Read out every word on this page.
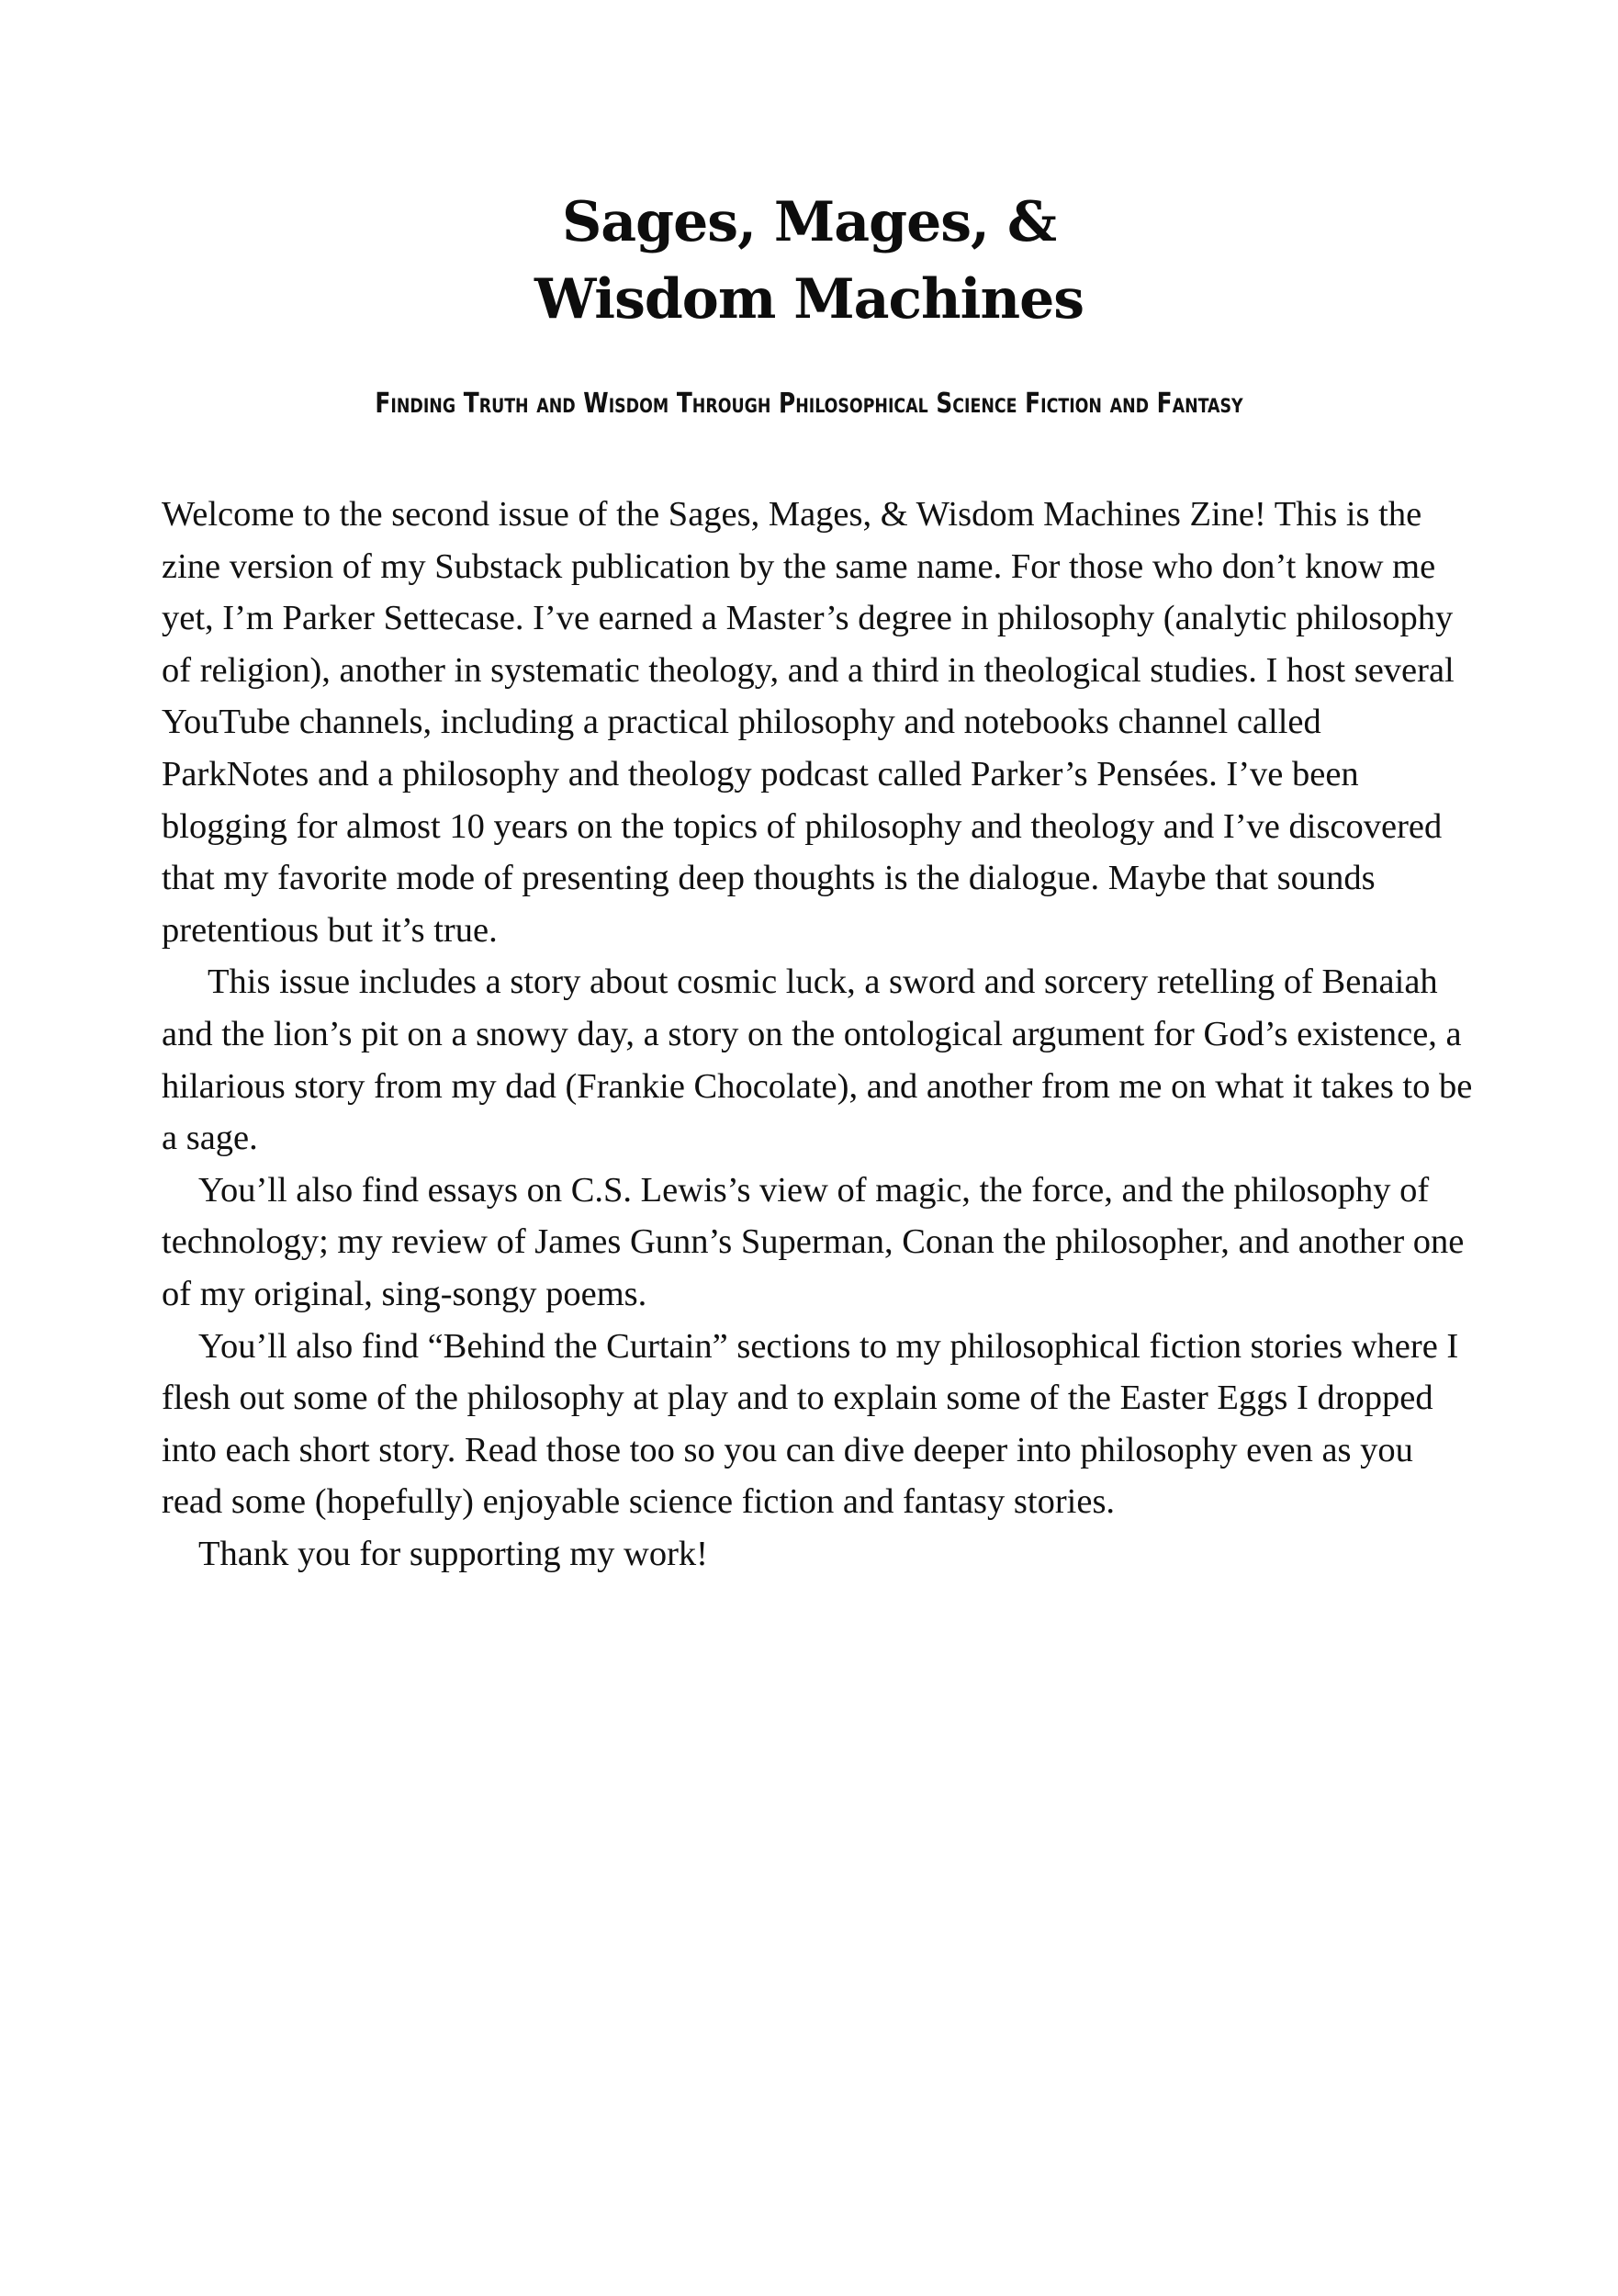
Sages, Mages, &
Wisdom Machines
Finding Truth and Wisdom Through Philosophical Science Fiction and Fantasy

Welcome to the second issue of the Sages, Mages, & Wisdom Machines Zine! This is the zine version of my Substack publication by the same name. For those who don’t know me yet, I’m Parker Settecase. I’ve earned a Master’s degree in philosophy (analytic philosophy of religion), another in systematic theology, and a third in theological studies. I host several YouTube channels, including a practical philosophy and notebooks channel called ParkNotes and a philosophy and theology podcast called Parker’s Pensées. I’ve been blogging for almost 10 years on the topics of philosophy and theology and I’ve discovered that my favorite mode of presenting deep thoughts is the dialogue. Maybe that sounds pretentious but it’s true.

This issue includes a story about cosmic luck, a sword and sorcery retelling of Benaiah and the lion’s pit on a snowy day, a story on the ontological argument for God’s existence, a hilarious story from my dad (Frankie Chocolate), and another from me on what it takes to be a sage.

You’ll also find essays on C.S. Lewis’s view of magic, the force, and the philosophy of technology; my review of James Gunn’s Superman, Conan the philosopher, and another one of my original, sing-songy poems.

You’ll also find “Behind the Curtain” sections to my philosophical fiction stories where I flesh out some of the philosophy at play and to explain some of the Easter Eggs I dropped into each short story. Read those too so you can dive deeper into philosophy even as you read some (hopefully) enjoyable science fiction and fantasy stories.

Thank you for supporting my work!
